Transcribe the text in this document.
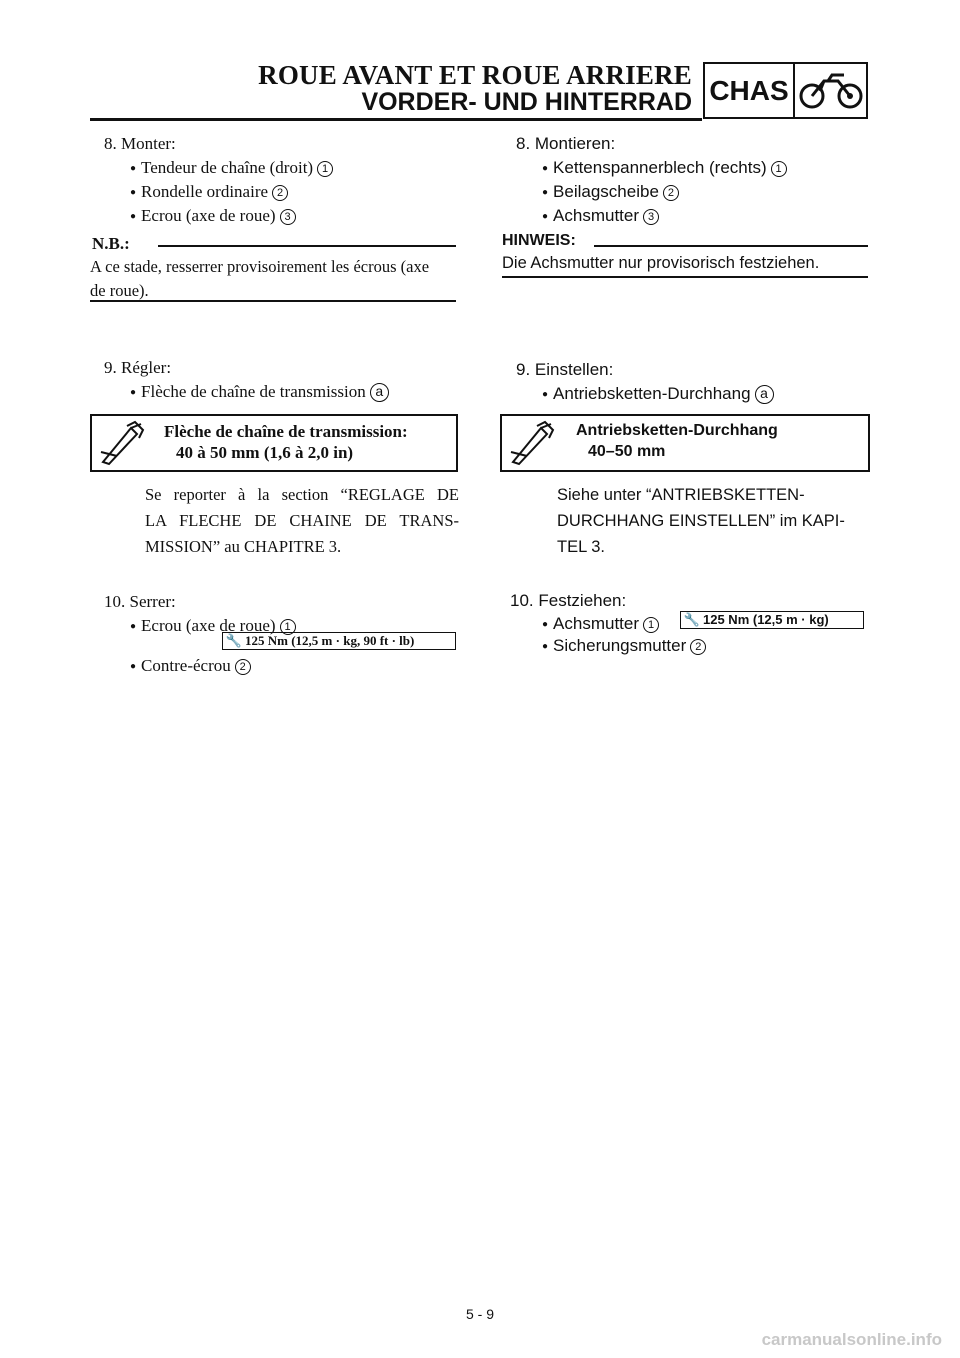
ROUE AVANT ET ROUE ARRIERE
VORDER- UND HINTERRAD CHAS
8. Monter:
● Tendeur de chaîne (droit) 1
● Rondelle ordinaire 2
● Ecrou (axe de roue) 3
N.B.:
A ce stade, resserrer provisoirement les écrous (axe
de roue).
9. Régler:
● Flèche de chaîne de transmission a
Flèche de chaîne de transmission:
40 à 50 mm (1,6 à 2,0 in)
Se reporter à la section “REGLAGE DE
LA FLECHE DE CHAINE DE TRANS-
MISSION” au CHAPITRE 3.
10. Serrer:
● Ecrou (axe de roue) 1
🔧 125 Nm (12,5 m · kg, 90 ft · lb)
● Contre-écrou 2
8. Montieren:
● Kettenspannerblech (rechts) 1
● Beilagscheibe 2
● Achsmutter 3
HINWEIS:
Die Achsmutter nur provisorisch festziehen.
9. Einstellen:
● Antriebsketten-Durchhang a
Antriebsketten-Durchhang
40–50 mm
Siehe unter “ANTRIEBSKETTEN-
DURCHHANG EINSTELLEN” im KAPI-
TEL 3.
10. Festziehen:
● Achsmutter 1	🔧 125 Nm (12,5 m · kg)
● Sicherungsmutter 2
5 - 9
carmanualsonline.info
